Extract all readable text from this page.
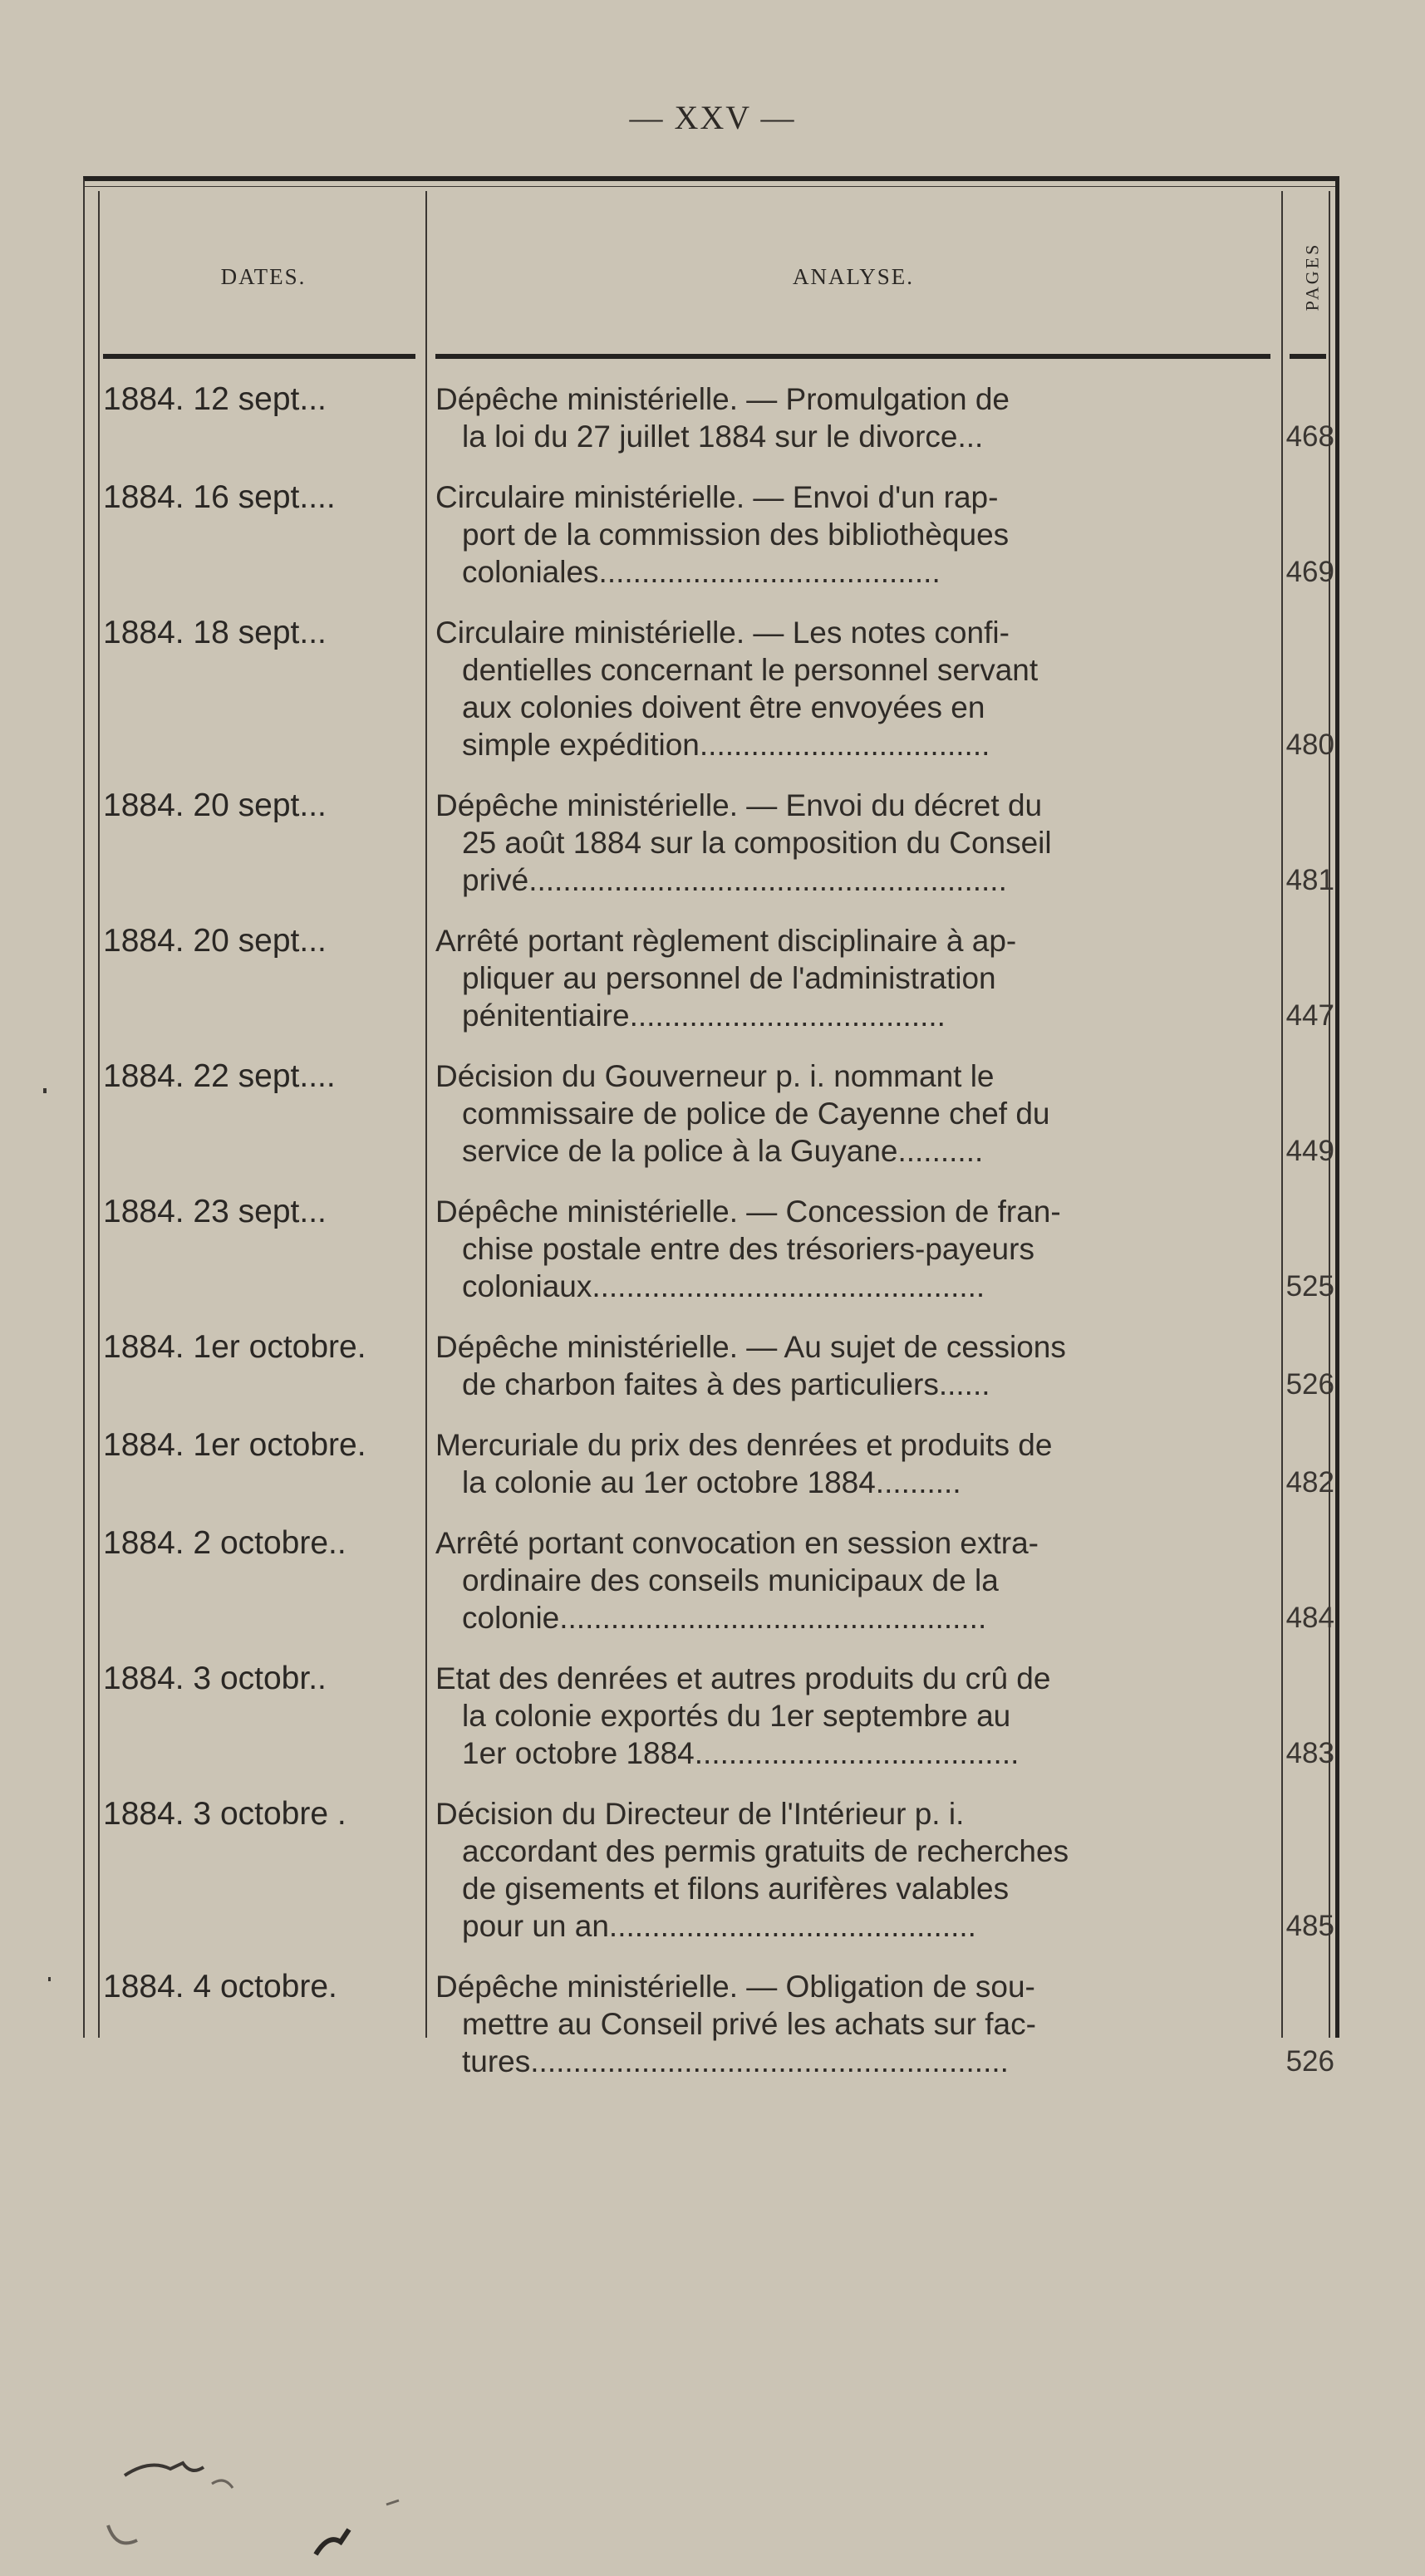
— XXV —
DATES.	ANALYSE.	PAGES
1884. 12 sept...	Dépêche ministérielle. — Promulgation de
la loi du 27 juillet 1884 sur le divorce...	468
1884. 16 sept....	Circulaire ministérielle. — Envoi d'un rap-
port de la commission des bibliothèques
coloniales........................................	469
1884. 18 sept...	Circulaire ministérielle. — Les notes confi-
dentielles concernant le personnel servant
aux colonies doivent être envoyées en
simple expédition..................................	480
1884. 20 sept...	Dépêche ministérielle. — Envoi du décret du
25 août 1884 sur la composition du Conseil
privé........................................................	481
1884. 20 sept...	Arrêté portant règlement disciplinaire à ap-
pliquer au personnel de l'administration
pénitentiaire.....................................	447
1884. 22 sept....	Décision du Gouverneur p. i. nommant le
commissaire de police de Cayenne chef du
service de la police à la Guyane..........	449
1884. 23 sept...	Dépêche ministérielle. — Concession de fran-
chise postale entre des trésoriers-payeurs
coloniaux..............................................	525
1884. 1er octobre.	Dépêche ministérielle. — Au sujet de cessions
de charbon faites à des particuliers......	526
1884. 1er octobre.	Mercuriale du prix des denrées et produits de
la colonie au 1er octobre 1884..........	482
1884. 2 octobre..	Arrêté portant convocation en session extra-
ordinaire des conseils municipaux de la
colonie..................................................	484
1884. 3 octobr..	Etat des denrées et autres produits du crû de
la colonie exportés du 1er septembre au
1er octobre 1884......................................	483
1884. 3 octobre .	Décision du Directeur de l'Intérieur p. i.
accordant des permis gratuits de recherches
de gisements et filons aurifères valables
pour un an...........................................	485
1884. 4 octobre.	Dépêche ministérielle. — Obligation de sou-
mettre au Conseil privé les achats sur fac-
tures........................................................	526
